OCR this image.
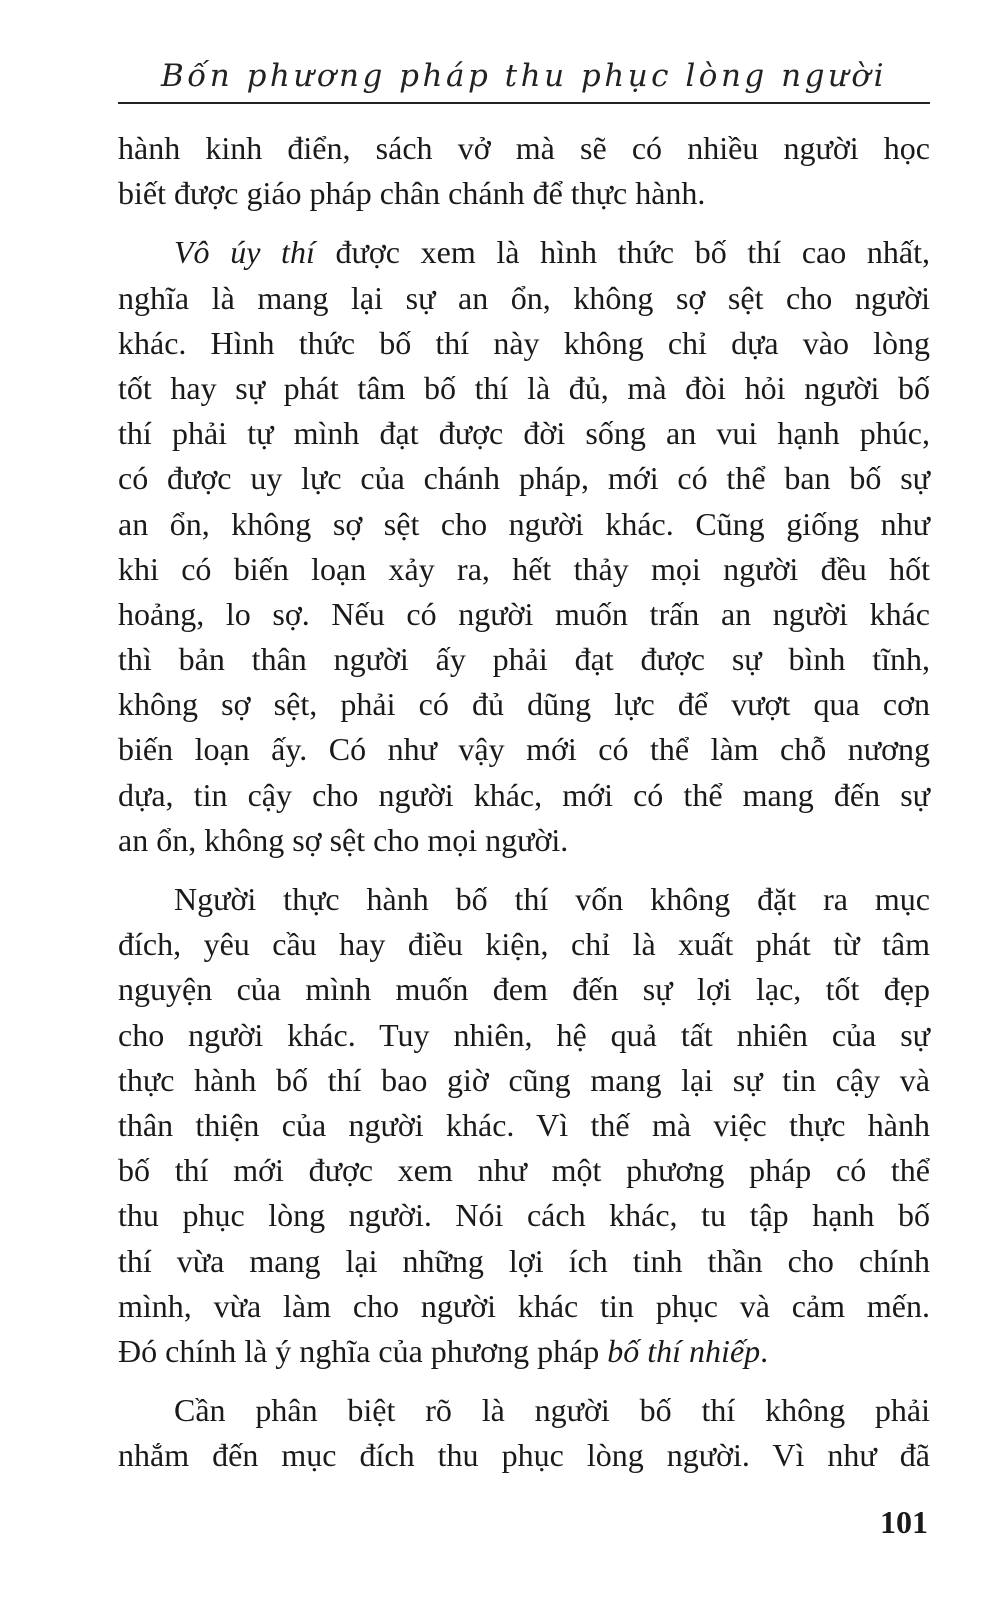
Bốn phương pháp thu phục lòng người

hành kinh điển, sách vở mà sẽ có nhiều người học
biết được giáo pháp chân chánh để thực hành.

Vô úy thí được xem là hình thức bố thí cao nhất,
nghĩa là mang lại sự an ổn, không sợ sệt cho người
khác. Hình thức bố thí này không chỉ dựa vào lòng
tốt hay sự phát tâm bố thí là đủ, mà đòi hỏi người bố
thí phải tự mình đạt được đời sống an vui hạnh phúc,
có được uy lực của chánh pháp, mới có thể ban bố sự
an ổn, không sợ sệt cho người khác. Cũng giống như
khi có biến loạn xảy ra, hết thảy mọi người đều hốt
hoảng, lo sợ. Nếu có người muốn trấn an người khác
thì bản thân người ấy phải đạt được sự bình tĩnh,
không sợ sệt, phải có đủ dũng lực để vượt qua cơn
biến loạn ấy. Có như vậy mới có thể làm chỗ nương
dựa, tin cậy cho người khác, mới có thể mang đến sự
an ổn, không sợ sệt cho mọi người.

Người thực hành bố thí vốn không đặt ra mục
đích, yêu cầu hay điều kiện, chỉ là xuất phát từ tâm
nguyện của mình muốn đem đến sự lợi lạc, tốt đẹp
cho người khác. Tuy nhiên, hệ quả tất nhiên của sự
thực hành bố thí bao giờ cũng mang lại sự tin cậy và
thân thiện của người khác. Vì thế mà việc thực hành
bố thí mới được xem như một phương pháp có thể
thu phục lòng người. Nói cách khác, tu tập hạnh bố
thí vừa mang lại những lợi ích tinh thần cho chính
mình, vừa làm cho người khác tin phục và cảm mến.
Đó chính là ý nghĩa của phương pháp bố thí nhiếp.

Cần phân biệt rõ là người bố thí không phải
nhắm đến mục đích thu phục lòng người. Vì như đã

101
